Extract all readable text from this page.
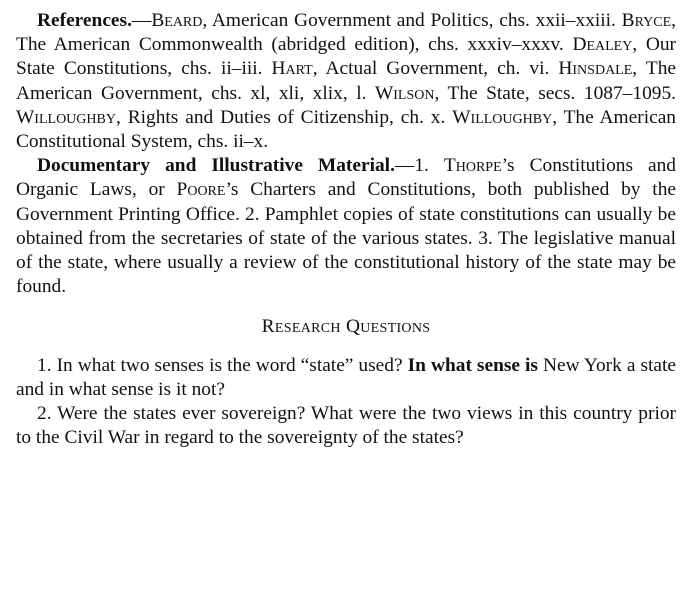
References.—Beard, American Government and Politics, chs. xxii–xxiii. Bryce, The American Commonwealth (abridged edition), chs. xxxiv–xxxv. Dealey, Our State Constitutions, chs. ii–iii. Hart, Actual Government, ch. vi. Hinsdale, The American Government, chs. xl, xli, xlix, l. Wilson, The State, secs. 1087–1095. Willoughby, Rights and Duties of Citizenship, ch. x. Willoughby, The American Constitutional System, chs. ii–x.

Documentary and Illustrative Material.—1. Thorpe’s Constitutions and Organic Laws, or Poore’s Charters and Constitutions, both published by the Government Printing Office. 2. Pamphlet copies of state constitutions can usually be obtained from the secretaries of state of the various states. 3. The legislative manual of the state, where usually a review of the constitutional history of the state may be found.

Research Questions

1. In what two senses is the word “state” used? In what sense is New York a state and in what sense is it not?

2. Were the states ever sovereign? What were the two views in this country prior to the Civil War in regard to the sovereignty of the states?
